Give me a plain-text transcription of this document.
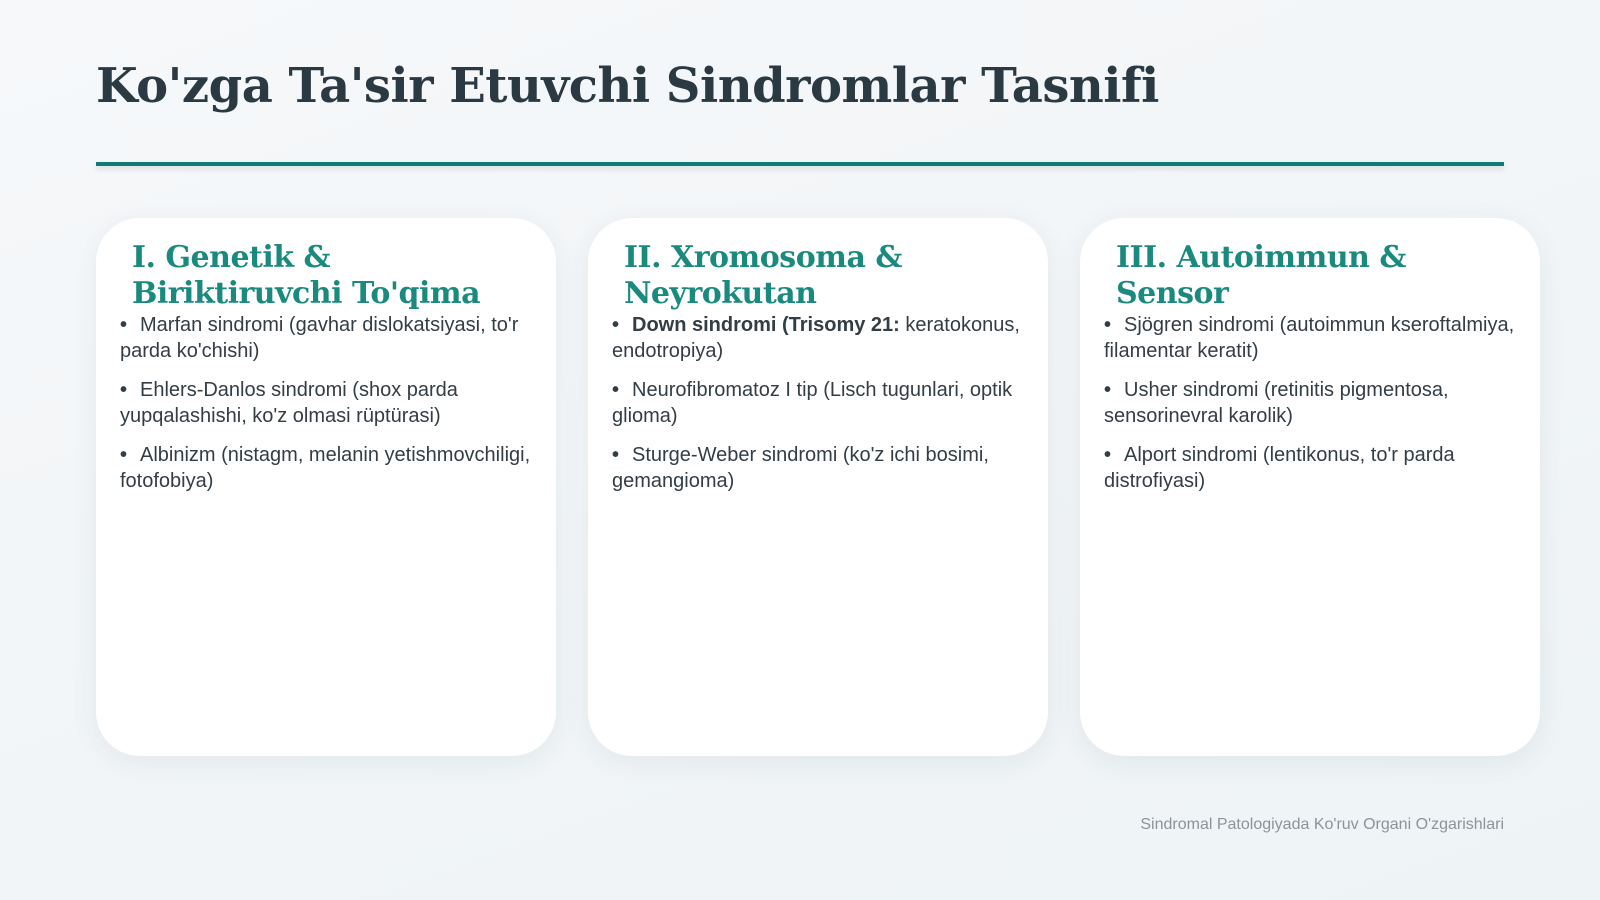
Ko'zga Ta'sir Etuvchi Sindromlar Tasnifi
I. Genetik & Biriktiruvchi To'qima
• Marfan sindromi (gavhar dislokatsiyasi, to'r parda ko'chishi)
• Ehlers-Danlos sindromi (shox parda yupqalashishi, ko'z olmasi rüptürasi)
• Albinizm (nistagm, melanin yetishmovchiligi, fotofobiya)
II. Xromosoma & Neyrokutan
• Down sindromi (Trisomy 21: keratokonus, endotropiya)
• Neurofibromatoz I tip (Lisch tugunlari, optik glioma)
• Sturge-Weber sindromi (ko'z ichi bosimi, gemangioma)
III. Autoimmun & Sensor
• Sjögren sindromi (autoimmun kseroftalmiya, filamentar keratit)
• Usher sindromi (retinitis pigmentosa, sensorinevral karolik)
• Alport sindromi (lentikonus, to'r parda distrofiyasi)
Sindromal Patologiyada Ko'ruv Organi O'zgarishlari
